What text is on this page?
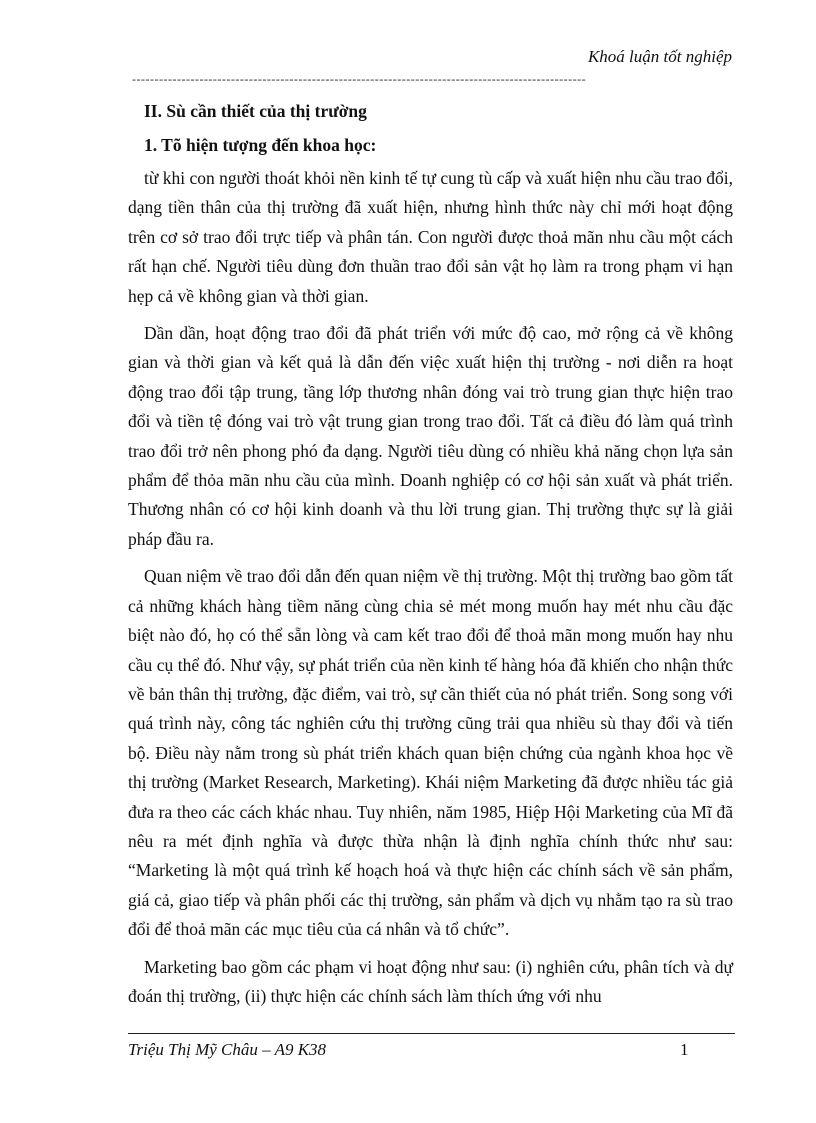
Khoá luận tốt nghiệp
-----------------------------------------------------------------------------------------------------

II. Sù cần thiết của thị trường

1. Tõ hiện tượng đến khoa học:

từ khi con người thoát khỏi nền kinh tế tự cung tù cấp và xuất hiện nhu cầu trao đổi, dạng tiền thân của thị trường đã xuất hiện, nhưng hình thức này chỉ mới hoạt động trên cơ sở trao đổi trực tiếp và phân tán. Con người được thoả mãn nhu cầu một cách rất hạn chế. Người tiêu dùng đơn thuần trao đổi sản vật họ làm ra trong phạm vi hạn hẹp cả về không gian và thời gian.

Dần dần, hoạt động trao đổi đã phát triển với mức độ cao, mở rộng cả về không gian và thời gian và kết quả là dẫn đến việc xuất hiện thị trường - nơi diễn ra hoạt động trao đổi tập trung, tầng lớp thương nhân đóng vai trò trung gian thực hiện trao đổi và tiền tệ đóng vai trò vật trung gian trong trao đổi. Tất cả điều đó làm quá trình trao đổi trở nên phong phó đa dạng. Người tiêu dùng có nhiều khả năng chọn lựa sản phẩm để thỏa mãn nhu cầu của mình. Doanh nghiệp có cơ hội sản xuất và phát triển. Thương nhân có cơ hội kinh doanh và thu lời trung gian. Thị trường thực sự là giải pháp đầu ra.

Quan niệm về trao đổi dẫn đến quan niệm về thị trường. Một thị trường bao gồm tất cả những khách hàng tiềm năng cùng chia sẻ mét mong muốn hay mét nhu cầu đặc biệt nào đó, họ có thể sẵn lòng và cam kết trao đổi để thoả mãn mong muốn hay nhu cầu cụ thể đó. Như vậy, sự phát triển của nền kinh tế hàng hóa đã khiến cho nhận thức về bản thân thị trường, đặc điểm, vai trò, sự cần thiết của nó phát triển. Song song với quá trình này, công tác nghiên cứu thị trường cũng trải qua nhiều sù thay đổi và tiến bộ. Điều này nằm trong sù phát triển khách quan biện chứng của ngành khoa học về thị trường (Market Research, Marketing). Khái niệm Marketing đã được nhiều tác giả đưa ra theo các cách khác nhau. Tuy nhiên, năm 1985, Hiệp Hội Marketing của Mĩ đã nêu ra mét định nghĩa và được thừa nhận là định nghĩa chính thức như sau: “Marketing là một quá trình kế hoạch hoá và thực hiện các chính sách về sản phẩm, giá cả, giao tiếp và phân phối các thị trường, sản phẩm và dịch vụ nhằm tạo ra sù trao đổi để thoả mãn các mục tiêu của cá nhân và tổ chức”.

Marketing bao gồm các phạm vi hoạt động như sau: (i) nghiên cứu, phân tích và dự đoán thị trường, (ii) thực hiện các chính sách làm thích ứng với nhu

Triệu Thị Mỹ Châu – A9 K38	1
